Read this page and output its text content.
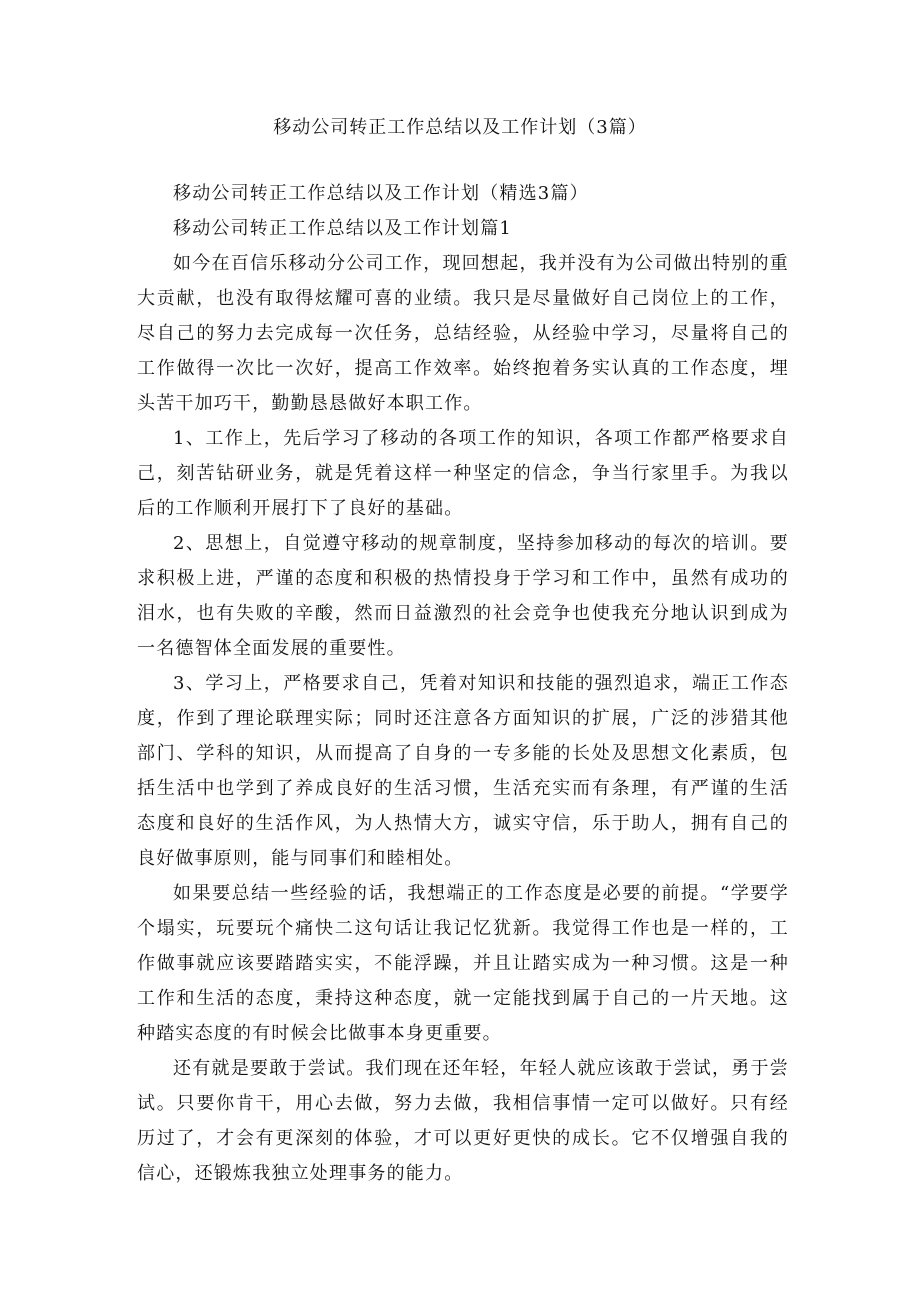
移动公司转正工作总结以及工作计划（3篇）

移动公司转正工作总结以及工作计划（精选3篇）

移动公司转正工作总结以及工作计划篇1

如今在百信乐移动分公司工作，现回想起，我并没有为公司做出特别的重大贡献，也没有取得炫耀可喜的业绩。我只是尽量做好自己岗位上的工作，尽自己的努力去完成每一次任务，总结经验，从经验中学习，尽量将自己的工作做得一次比一次好，提高工作效率。始终抱着务实认真的工作态度，埋头苦干加巧干，勤勤恳恳做好本职工作。

1、工作上，先后学习了移动的各项工作的知识，各项工作都严格要求自己，刻苦钻研业务，就是凭着这样一种坚定的信念，争当行家里手。为我以后的工作顺利开展打下了良好的基础。

2、思想上，自觉遵守移动的规章制度，坚持参加移动的每次的培训。要求积极上进，严谨的态度和积极的热情投身于学习和工作中，虽然有成功的泪水，也有失败的辛酸，然而日益激烈的社会竞争也使我充分地认识到成为一名德智体全面发展的重要性。

3、学习上，严格要求自己，凭着对知识和技能的强烈追求，端正工作态度，作到了理论联理实际；同时还注意各方面知识的扩展，广泛的涉猎其他部门、学科的知识，从而提高了自身的一专多能的长处及思想文化素质，包括生活中也学到了养成良好的生活习惯，生活充实而有条理，有严谨的生活态度和良好的生活作风，为人热情大方，诚实守信，乐于助人，拥有自己的良好做事原则，能与同事们和睦相处。

如果要总结一些经验的话，我想端正的工作态度是必要的前提。“学要学个塌实，玩要玩个痛快二这句话让我记忆犹新。我觉得工作也是一样的，工作做事就应该要踏踏实实，不能浮躁，并且让踏实成为一种习惯。这是一种工作和生活的态度，秉持这种态度，就一定能找到属于自己的一片天地。这种踏实态度的有时候会比做事本身更重要。

还有就是要敢于尝试。我们现在还年轻，年轻人就应该敢于尝试，勇于尝试。只要你肯干，用心去做，努力去做，我相信事情一定可以做好。只有经历过了，才会有更深刻的体验，才可以更好更快的成长。它不仅增强自我的信心，还锻炼我独立处理事务的能力。
